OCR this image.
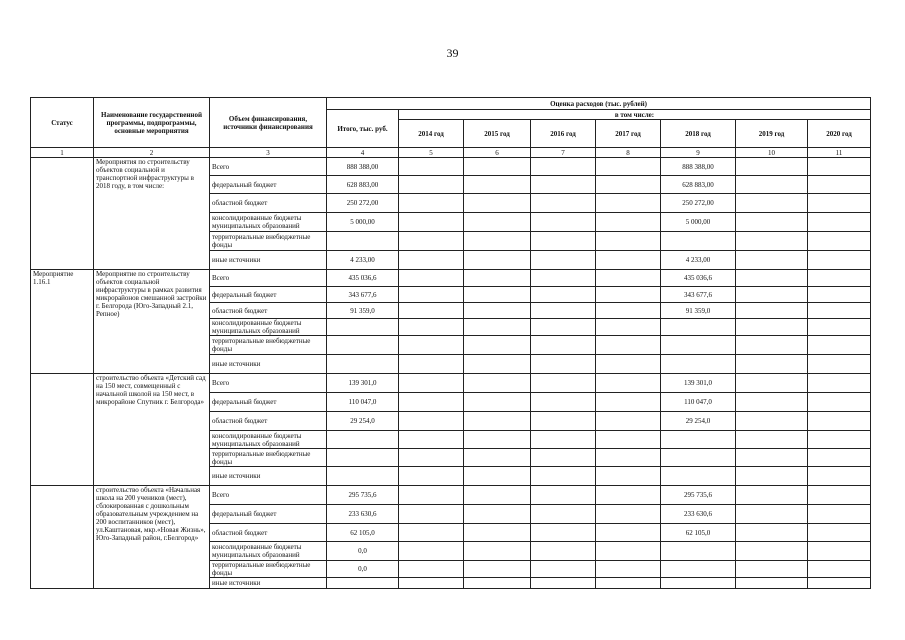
39
Статус	Наименование государственной программы, подпрограммы, основные мероприятия	Объем финансирования, источники финансирования	Оценка расходов (тыс. рублей)							
			Итого, тыс. руб.	в том числе:						
				2014 год	2015 год	2016 год	2017 год	2018 год	2019 год	2020 год
1	2	3	4	5	6	7	8	9	10	11
	Мероприятия по строительству объектов социальной и транспортной инфраструктуры в 2018 году, в том числе:	Всего	888 388,00					888 388,00		
		федеральный бюджет	628 883,00					628 883,00		
		областной бюджет	250 272,00					250 272,00		
		консолидированные бюджеты муниципальных образований	5 000,00					5 000,00		
		территориальные внебюджетные фонды								
		иные источники	4 233,00					4 233,00		
Мероприятие 1.16.1	Мероприятие по строительству объектов социальной инфраструктуры в рамках развития микрорайонов смешанной застройки г. Белгорода (Юго-Западный 2.1, Репное)	Всего	435 036,6					435 036,6		
		федеральный бюджет	343 677,6					343 677,6		
		областной бюджет	91 359,0					91 359,0		
		консолидированные бюджеты муниципальных образований								
		территориальные внебюджетные фонды								
		иные источники								
	строительство объекта «Детский сад на 150 мест, совмещенный с начальной школой на 150 мест, в микрорайоне Спутник г. Белгорода»	Всего	139 301,0					139 301,0		
		федеральный бюджет	110 047,0					110 047,0		
		областной бюджет	29 254,0					29 254,0		
		консолидированные бюджеты муниципальных образований								
		территориальные внебюджетные фонды								
		иные источники								
	строительство объекта «Начальная школа на 200 учеников (мест), сблокированная с дошкольным образовательным учреждением на 200 воспитанников (мест), ул.Каштановая, мкр.«Новая Жизнь», Юго-Западный район, г.Белгород»	Всего	295 735,6					295 735,6		
		федеральный бюджет	233 630,6					233 630,6		
		областной бюджет	62 105,0					62 105,0		
		консолидированные бюджеты муниципальных образований	0,0							
		территориальные внебюджетные фонды	0,0							
		иные источники								
